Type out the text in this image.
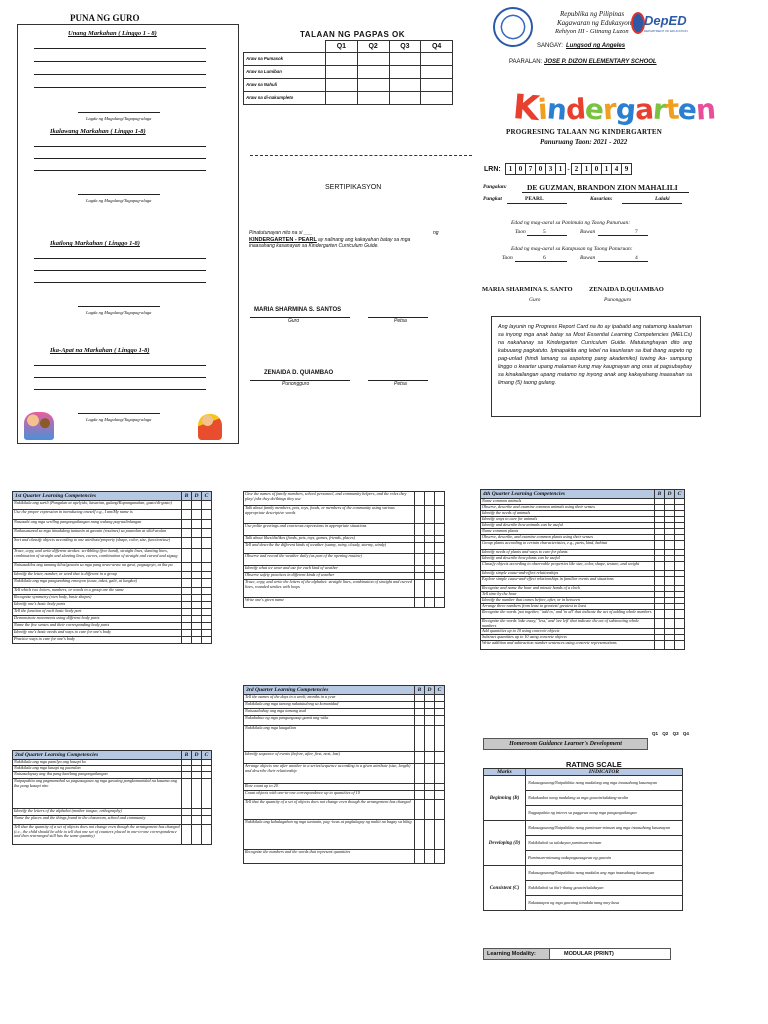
PUNA NG GURO
Unang Markahan ( Linggo 1 - 8)
Lagda ng Magulang/Tagapag-alaga
Ikalawang Markahan ( Linggo 1-8)
Lagda ng Magulang/Tagapag-alaga
Ikatlong Markahan ( Linggo 1-8)
Lagda ng Magulang/Tagapag-alaga
Ika-Apat na Markahan ( Linggo 1-8)
Lagda ng Magulang/Tagapag-alaga
TALAAN NG PAGPAS OK
	Q1	Q2	Q3	Q4
Araw na Pumasok				
Araw na Lumiban				
Araw na Nahuli				
Araw na di-nakumpleto				
SERTIPIKASYON
Pinatutunayan nito na si ___	ng
KINDERGARTEN - PEARL ay nalinang ang kakayahan batay sa mga
inaasahang kasanayan sa Kindergarten Curriculum Guide.
MARIA SHARMINA S. SANTOS
Guro	Petsa
ZENAIDA D. QUIAMBAO
Punongguro	Petsa
Republika ng Pilipinas
Kagawaran ng Edukasyon
Rehiyon III - Gitnang Luzon
DepED
DEPARTMENT OF EDUCATION
SANGAY: Lungsod ng Angeles
PAARALAN: JOSE P. DIZON ELEMENTARY SCHOOL
Kindergarten
PROGRESING TALAAN NG KINDERGARTEN
Panuruang Taon: 2021 - 2022
LRN: 1	0	7	0	3	1	-	2	1	0	1	4	9
Pangalan:	DE GUZMAN, BRANDON ZION MAHALILI
Pangkat	PEARL	Kasarian:	Lalaki
Edad ng mag-aaral sa Panimula ng Taong Panuruan:
Taon	5	Buwan	7
Edad ng mag-aaral sa Katapusan ng Taong Panuruan:
Taon	6	Buwan	4
MARIA SHARMINA S. SANTO	ZENAIDA D.QUIAMBAO
Guro	Punongguro
Ang layunin ng Progress Report Card na ito ay ipabatid ang natamong kaalaman sa inyong mga anak batay sa Most Essential Learning Competencies (MELCs) na nakahanay sa Kindergarten Curriculum Guide. Matutunghayan dito ang kabuuang pagkatuto. Ipinapakita ang lebel na kaunlaran sa ibat ibang aspeto ng pag-unlad (hindi lamang sa aspetong pang akademiko) tuwing ika- sampung linggo o kwarter upang malaman kung may kaugnayan ang oras at pagsubaybay sa kinakailangan upang matamo ng inyong anak ang kakayahang inaasahan sa limang (5) taong gulang.
1st Quarter Learning Competencies	B	D	C
Nakikilala ang sarili (Pangalan at apelyido, kasarian, gulang/Kapanganakan, gusto/di-gusto)			
Use the proper expression in introducing oneself e.g., I am/My name is			
Nasasabi ang mga serillng pangangailangan nang walang pag-aalinlangan			
Naikasusunod sa mga itinakdang tuntunin at gawain (routines) sa paaralan at silid-aralan			
Sort and classify objects according to one attribute/property (shape, color, size, function/use)			
Trace, copy, and write different strokes: scribbling (free hand), straight lines, slanting lines, combination of straight and slanting lines, curves, combination of straight and curved and zigzag			
Naisasakilos ang tamang kilos/gawain sa mga pang araw-araw na gawi, pagsagoyo, at iba pa			
Identify the letter, number, or word that is different in a group			
Nakikilala ang mga pangunahing emosyon (tuwa, takot, galit, at lungkot)			
Tell which two letters, numbers, or words in a group are the same			
Recognize symmetry (own body, basic shapes)			
Identify one's basic body parts			
Tell the function of each basic body part			
Demonstrate movements using different body parts			
Name the five senses and their corresponding body parts			
Identify one's basic needs and ways to care for one's body			
Practice ways to care for one's body			
2nd Quarter Learning Competencies	B	D	C
Nakikilala ang mga pamilya ang kasapi ko			
Nakikilala ang mga kasapi ng paaralan			
Naisasalaysay ang iba pang kanilang pangangailangan			
Naipapakita ang pagmamahal sa pagsasagawa ng mga gawaing pangkomunidad na kasama ang iba pang kasapi nito			
Identify the letters of the alphabet (mother tongue, orthography)			
Name the places and the things found in the classroom, school and community			
Tell that the quantity of a set of objects does not change even though the arrangement has changed (i.e., the child should be able to tell that one set of counters placed in one-to-one correspondence and then rearranged still has the same quantity)			
Give the names of family members, school personnel, and community helpers, and the roles they play/ jobs they do/things they use			
Talk about family members, pets, toys, foods, or members of the community using various appropriate descriptive words			
Use polite greetings and courteous expressions in appropriate situations			
Talk about likes/dislikes (foods, pets, toys, games, friends, places)			
Tell and describe the different kinds of weather (sunny, rainy, cloudy, stormy, windy)			
Observe and record the weather daily (as part of the opening routine)			
Identify what we wear and use for each kind of weather			
Observe safety practices in different kinds of weather			
Trace, copy, and write the letters of the alphabet: straight lines, combination of straight and curved lines, rounded strokes with loops			
Write one's given name			
3rd Quarter Learning Competencies	B	D	C
Tell the names of the days in a week; months in a year			
Nakikilala ang mga tanong nakatutulong sa komunidad			
Naisasabuhay ang mga tamang asal			
Nakabubuo ng mga pangungusap gamit ang wika			
Nakikilala ang mga kaugalian			
Identify sequence of events (before, after, first, next, last)			
Arrange objects one after another in a series/sequence according to a given attribute (size, length) and describe their relationship			
Rote count up to 20			
Count objects with one-to-one correspondence up to quantities of 10			
Tell that the quantity of a set of objects does not change even though the arrangement has changed			
Nakikilala ang kahalagahan ng mga tuntunin, pag -iwas at pagkalagay ng maliit na bagay sa bibig			
Recognize the numbers and the words that represent quantities			
4th Quarter Learning Competencies	B	D	C
Name common animals			
Observe, describe and examine common animals using their senses			
Identify the needs of animals			
Identify ways to care for animals			
Identify and describe how animals can be useful			
Name common plants			
Observe, describe, and examine common plants using their senses			
Group plants according to certain characteristics, e.g., parts, kind, habitat			
Identify needs of plants and ways to care for plants			
Identify and describe how plants can be useful			
Classify objects according to observable properties like size, color, shape, texture, and weight			
Identify simple cause-and-effect relationships			
Explore simple cause-and-effect relationships in familiar events and situations			
Recognize and name the hour and minute hands of a clock			
Tell time by the hour			
Identify the number that comes before, after, or in between			
Arrange three numbers from least to greatest/ greatest to least			
Recognize the words 'put together,' 'add to,' and 'in all' that indicate the act of adding whole numbers			
Recognize the words 'take away,' 'less,' and 'are left' that indicate the act of subtracting whole numbers			
Add quantities up to 10 using concrete objects			
Subtract quantities up to 10 using concrete objects			
Write addition and subtraction number sentences using concrete representations			
Q1 Q2 Q3 Q4
Homeroom Guidance Learner's Development
RATING SCALE
Marks	INDICATOR
Beginning (B)	Nakasagawang/Naipakikita nang madalang ang mga inaasahang kasanayan
	Nakakaabot nang madalang sa mga gawain/takdang-aralin
	Nagpapakita ng interes sa paggawa nang mga pangangailangan
Developing (D)	Nakasagawang/Naipakikita nang paminsan-minsan ang mga inaasahang kasanayan
	Nakikilahok sa talakayan paminsan-minsan
	Paminsan-minsang nakapagsasagawa ng gawain
Consistent (C)	Nakasagawang/Naipakikita nang madalas ang mga inaasahang kasanayan
	Nakikilahok sa iba't-ibang gawain/talakayan
	Nakatatapos ng mga gawaing itinakda nang may kusa
Learning Modality:	MODULAR (PRINT)
